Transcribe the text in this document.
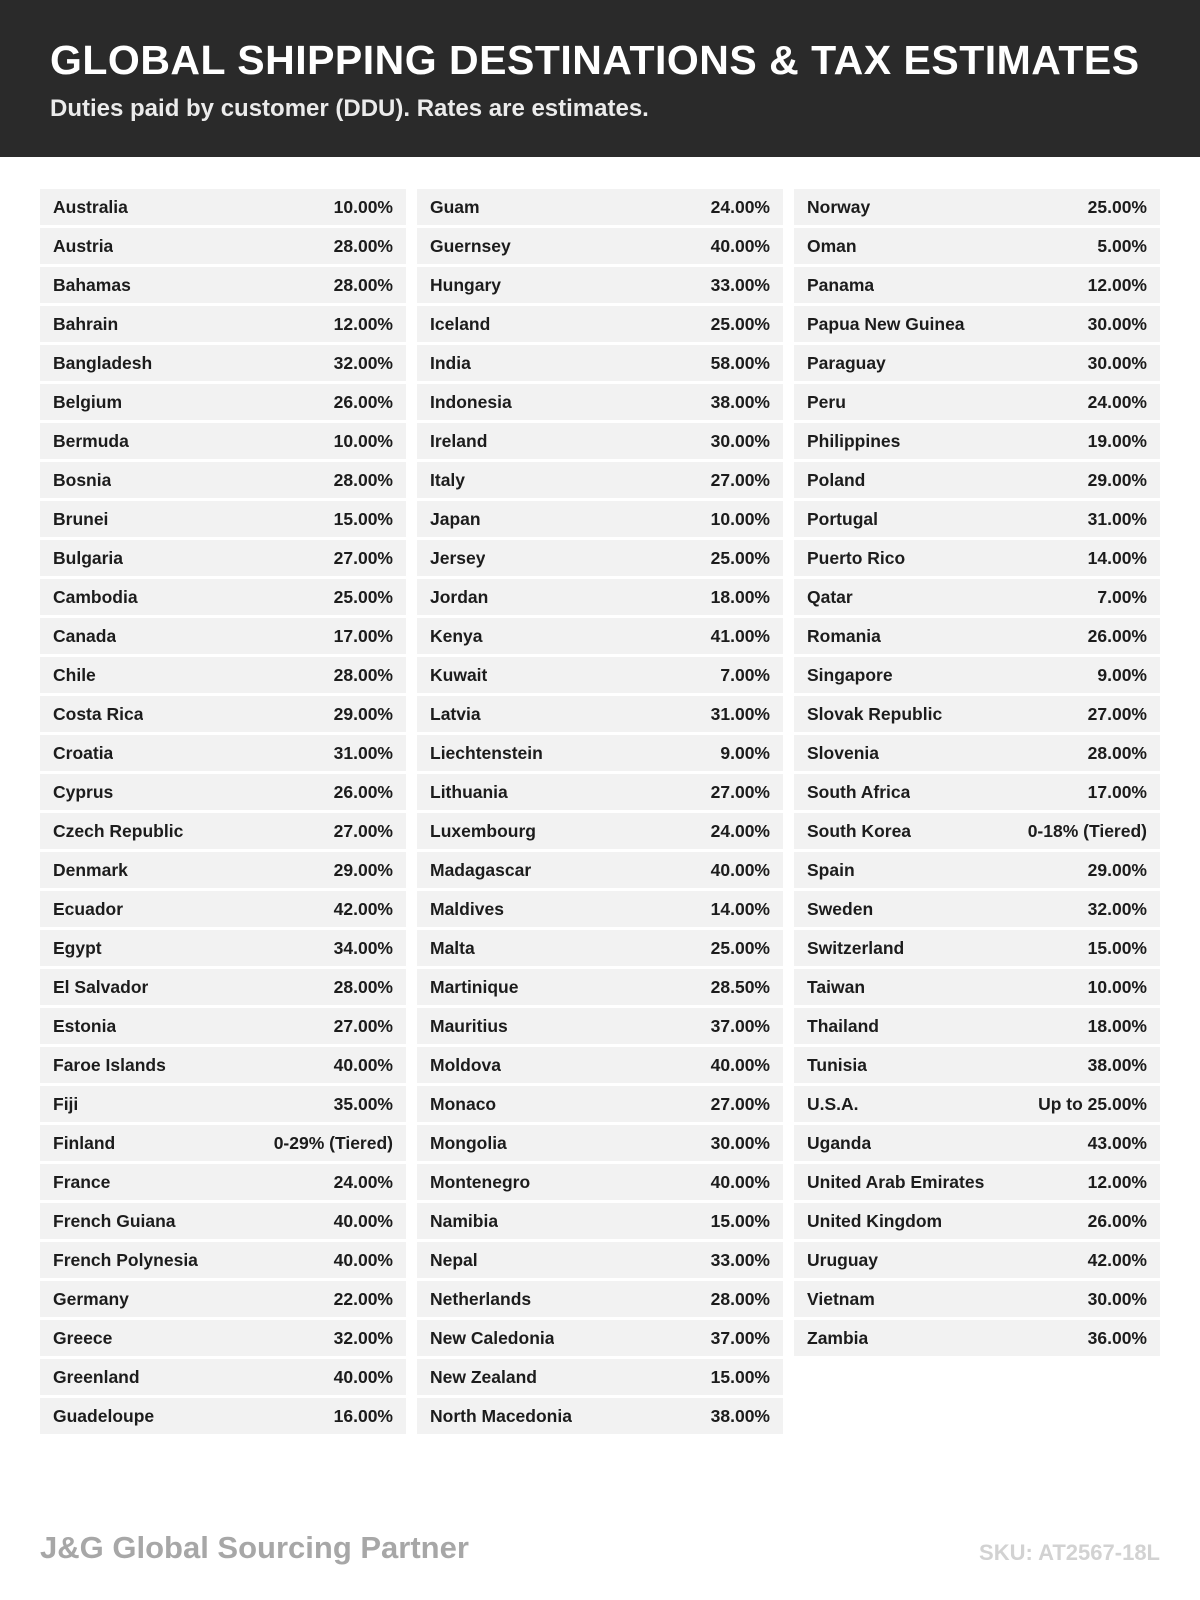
GLOBAL SHIPPING DESTINATIONS & TAX ESTIMATES
Duties paid by customer (DDU). Rates are estimates.
Australia	10.00%
Austria	28.00%
Bahamas	28.00%
Bahrain	12.00%
Bangladesh	32.00%
Belgium	26.00%
Bermuda	10.00%
Bosnia	28.00%
Brunei	15.00%
Bulgaria	27.00%
Cambodia	25.00%
Canada	17.00%
Chile	28.00%
Costa Rica	29.00%
Croatia	31.00%
Cyprus	26.00%
Czech Republic	27.00%
Denmark	29.00%
Ecuador	42.00%
Egypt	34.00%
El Salvador	28.00%
Estonia	27.00%
Faroe Islands	40.00%
Fiji	35.00%
Finland	0-29% (Tiered)
France	24.00%
French Guiana	40.00%
French Polynesia	40.00%
Germany	22.00%
Greece	32.00%
Greenland	40.00%
Guadeloupe	16.00%
Guam	24.00%
Guernsey	40.00%
Hungary	33.00%
Iceland	25.00%
India	58.00%
Indonesia	38.00%
Ireland	30.00%
Italy	27.00%
Japan	10.00%
Jersey	25.00%
Jordan	18.00%
Kenya	41.00%
Kuwait	7.00%
Latvia	31.00%
Liechtenstein	9.00%
Lithuania	27.00%
Luxembourg	24.00%
Madagascar	40.00%
Maldives	14.00%
Malta	25.00%
Martinique	28.50%
Mauritius	37.00%
Moldova	40.00%
Monaco	27.00%
Mongolia	30.00%
Montenegro	40.00%
Namibia	15.00%
Nepal	33.00%
Netherlands	28.00%
New Caledonia	37.00%
New Zealand	15.00%
North Macedonia	38.00%
Norway	25.00%
Oman	5.00%
Panama	12.00%
Papua New Guinea	30.00%
Paraguay	30.00%
Peru	24.00%
Philippines	19.00%
Poland	29.00%
Portugal	31.00%
Puerto Rico	14.00%
Qatar	7.00%
Romania	26.00%
Singapore	9.00%
Slovak Republic	27.00%
Slovenia	28.00%
South Africa	17.00%
South Korea	0-18% (Tiered)
Spain	29.00%
Sweden	32.00%
Switzerland	15.00%
Taiwan	10.00%
Thailand	18.00%
Tunisia	38.00%
U.S.A.	Up to 25.00%
Uganda	43.00%
United Arab Emirates	12.00%
United Kingdom	26.00%
Uruguay	42.00%
Vietnam	30.00%
Zambia	36.00%
J&G Global Sourcing Partner	SKU: AT2567-18L
